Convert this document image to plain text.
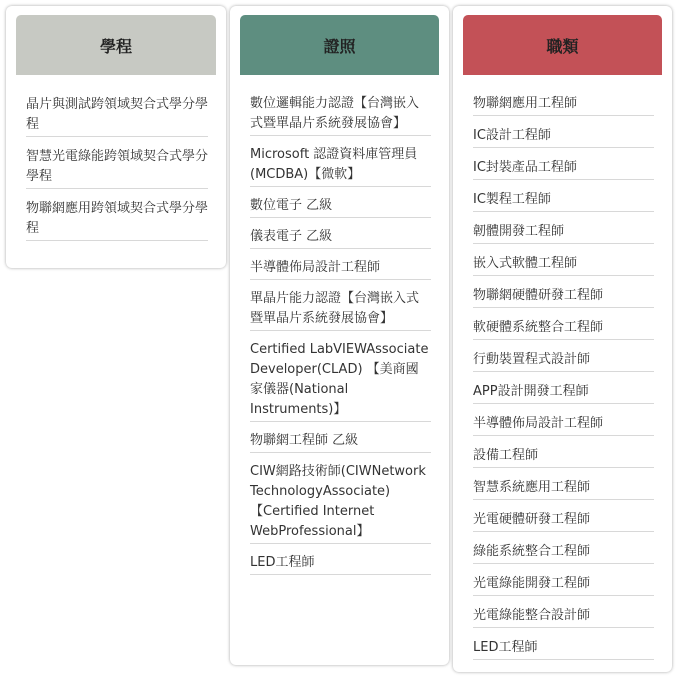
學程
晶片與測試跨領域契合式學分學程
智慧光電綠能跨領域契合式學分學程
物聯網應用跨領域契合式學分學程
證照
數位邏輯能力認證【台灣嵌入式暨單晶片系統發展協會】
Microsoft 認證資料庫管理員(MCDBA)【微軟】
數位電子 乙級
儀表電子 乙級
半導體佈局設計工程師
單晶片能力認證【台灣嵌入式暨單晶片系統發展協會】
Certified LabVIEWAssociate Developer(CLAD) 【美商國家儀器(National Instruments)】
物聯網工程師 乙級
CIW網路技術師(CIWNetwork TechnologyAssociate)【Certified Internet WebProfessional】
LED工程師
職類
物聯網應用工程師
IC設計工程師
IC封裝產品工程師
IC製程工程師
韌體開發工程師
嵌入式軟體工程師
物聯網硬體研發工程師
軟硬體系統整合工程師
行動裝置程式設計師
APP設計開發工程師
半導體佈局設計工程師
設備工程師
智慧系統應用工程師
光電硬體研發工程師
綠能系統整合工程師
光電綠能開發工程師
光電綠能整合設計師
LED工程師
